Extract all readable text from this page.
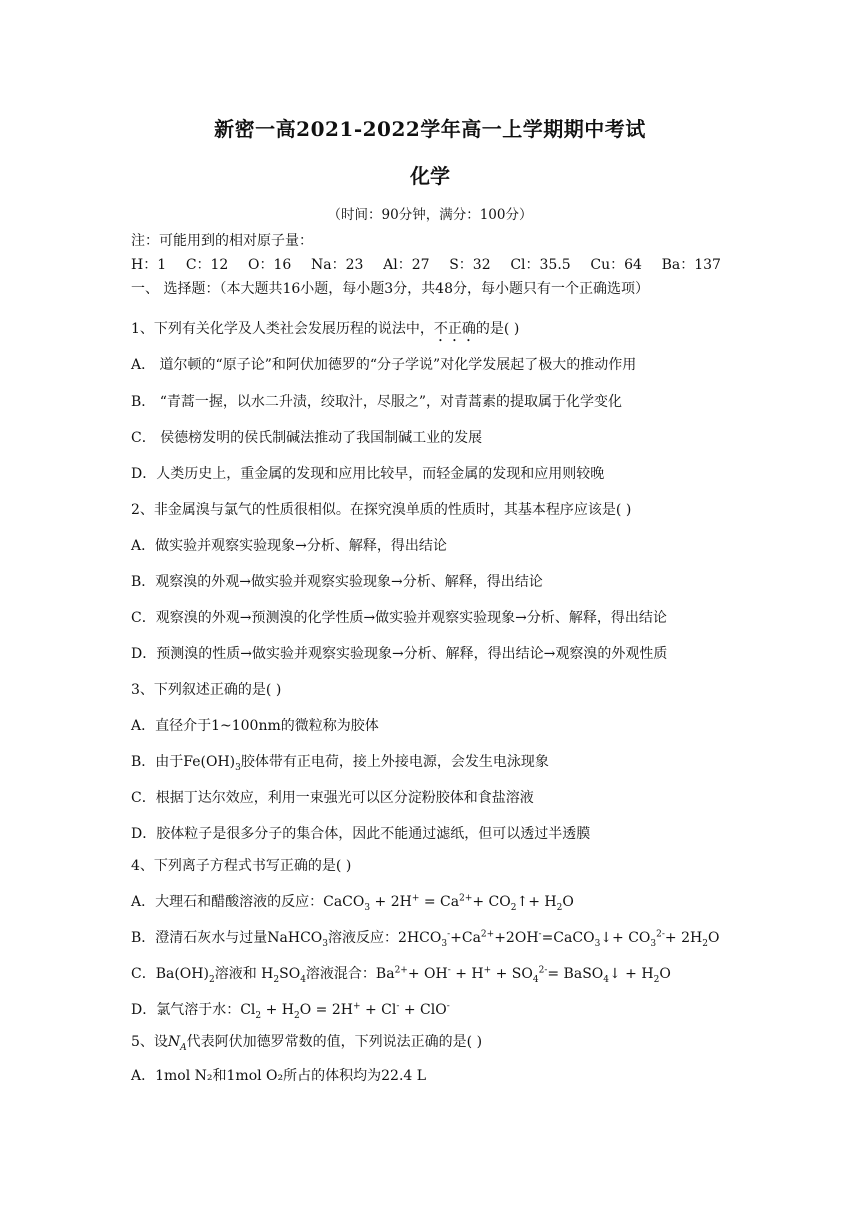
新密一高2021-2022学年高一上学期期中考试
化学
（时间：90分钟，满分：100分）
注：可能用到的相对原子量：
H：1 C：12 O：16 Na：23 Al：27 S：32 Cl：35.5 Cu：64 Ba：137
一、 选择题：（本大题共16小题，每小题3分，共48分，每小题只有一个正确选项）
1、下列有关化学及人类社会发展历程的说法中，不正确的是( )
A． 道尔顿的“原子论”和阿伏加德罗的“分子学说”对化学发展起了极大的推动作用
B． “青蒿一握，以水二升渍，绞取汁，尽服之”，对青蒿素的提取属于化学变化
C． 侯德榜发明的侯氏制碱法推动了我国制碱工业的发展
D．人类历史上，重金属的发现和应用比较早，而轻金属的发现和应用则较晚
2、非金属溴与氯气的性质很相似。在探究溴单质的性质时，其基本程序应该是( )
A．做实验并观察实验现象→分析、解释，得出结论
B．观察溴的外观→做实验并观察实验现象→分析、解释，得出结论
C．观察溴的外观→预测溴的化学性质→做实验并观察实验现象→分析、解释，得出结论
D．预测溴的性质→做实验并观察实验现象→分析、解释，得出结论→观察溴的外观性质
3、下列叙述正确的是( )
A．直径介于1~100nm的微粒称为胶体
B．由于$Fe(OH)_3$胶体带有正电荷，接上外接电源，会发生电泳现象
C．根据丁达尔效应，利用一束强光可以区分淀粉胶体和食盐溶液
D．胶体粒子是很多分子的集合体，因此不能通过滤纸，但可以透过半透膜
4、下列离子方程式书写正确的是( )
A．大理石和醋酸溶液的反应：CaCO$_3$ + $2H^+ = Ca^{2+}+$ $CO_2↑+ H_2O$
B．澄清石灰水与过量NaHCO$_3$溶液反应：$2HCO_3^-+Ca^{2+}+2OH^-=CaCO_3↓+ CO_3^{2-}+ 2H_2O$
C．$Ba(OH)_2$溶液和 $H_2SO_4$溶液混合：$Ba^{2+}+ OH^- + H^+ + SO_4^{2-}=$ BaSO$_4$↓ + $H_2O$
D．氯气溶于水：$Cl_2 + H_2O = 2H^+ + Cl^- + ClO^-$
5、设$N_A$代表阿伏加德罗常数的值，下列说法正确的是( )
A．1mol N₂和1mol O₂所占的体积均为22.4 L
